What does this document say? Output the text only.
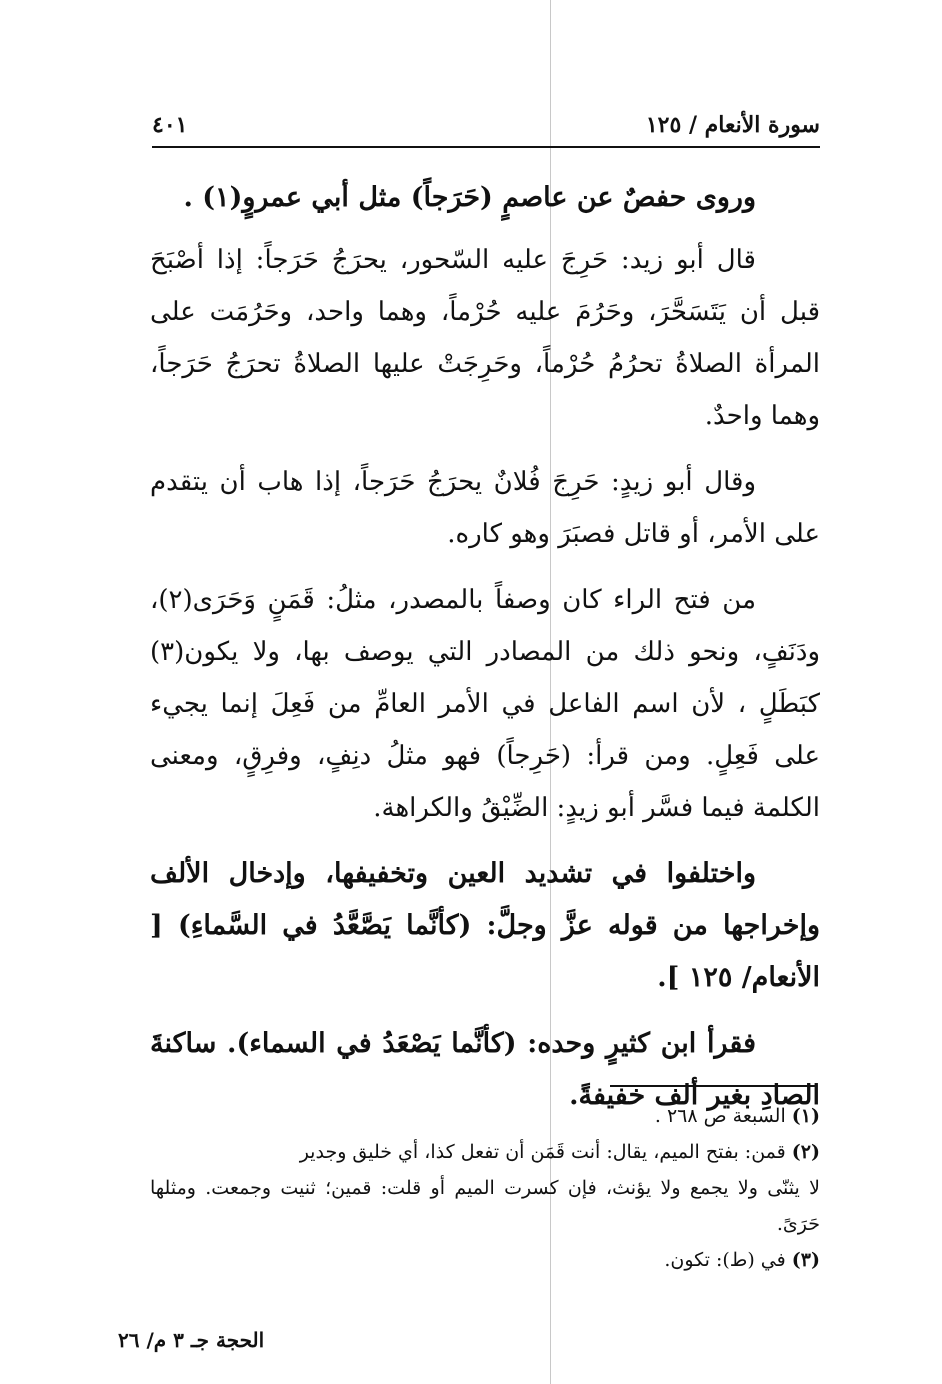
سورة الأنعام / ١٢٥
٤٠١

وروى حفصٌ عن عاصمٍ (حَرَجاً) مثل أبي عمروٍ(١) .

قال أبو زيد: حَرِجَ عليه السّحور، يحرَجُ حَرَجاً: إذا أصْبَحَ قبل أن يَتَسَحَّرَ، وحَرُمَ عليه حُرْماً، وهما واحد، وحَرُمَت على المرأة الصلاةُ تحرُمُ حُرْماً، وحَرِجَتْ عليها الصلاةُ تحرَجُ حَرَجاً، وهما واحدٌ.

وقال أبو زيدٍ: حَرِجَ فُلانٌ يحرَجُ حَرَجاً، إذا هاب أن يتقدم على الأمر، أو قاتل فصبَرَ وهو كاره.

من فتح الراء كان وصفاً بالمصدر، مثلُ: قَمَنٍ وَحَرَى(٢)، ودَنَفٍ، ونحو ذلك من المصادر التي يوصف بها، ولا يكون(٣) كبَطَلٍ ، لأن اسم الفاعل في الأمر العامِّ من فَعِلَ إنما يجيء على فَعِلٍ. ومن قرأ: (حَرِجاً) فهو مثلُ دنِفٍ، وفرِقٍ، ومعنى الكلمة فيما فسَّر أبو زيدٍ: الضِّيْقُ والكراهة.

واختلفوا في تشديد العين وتخفيفها، وإدخال الألف وإخراجها من قوله عزَّ وجلَّ: (كأنَّما يَصَّعَّدُ في السَّماءِ) [ الأنعام/ ١٢٥ ].

فقرأ ابن كثيرٍ وحده: (كأنَّما يَصْعَدُ في السماء). ساكنةَ الصادِ بغير ألف خفيفةً.

(١) السبعة ص ٢٦٨ .

(٢) قمن: بفتح الميم، يقال: أنت قَمَن أن تفعل كذا، أي خليق وجدير

لا يثنّى ولا يجمع ولا يؤنث، فإن كسرت الميم أو قلت: قمين؛ ثنيت وجمعت. ومثلها حَرَىً.

(٣) في (ط): تكون.

الحجة جـ ٣ م/ ٢٦
